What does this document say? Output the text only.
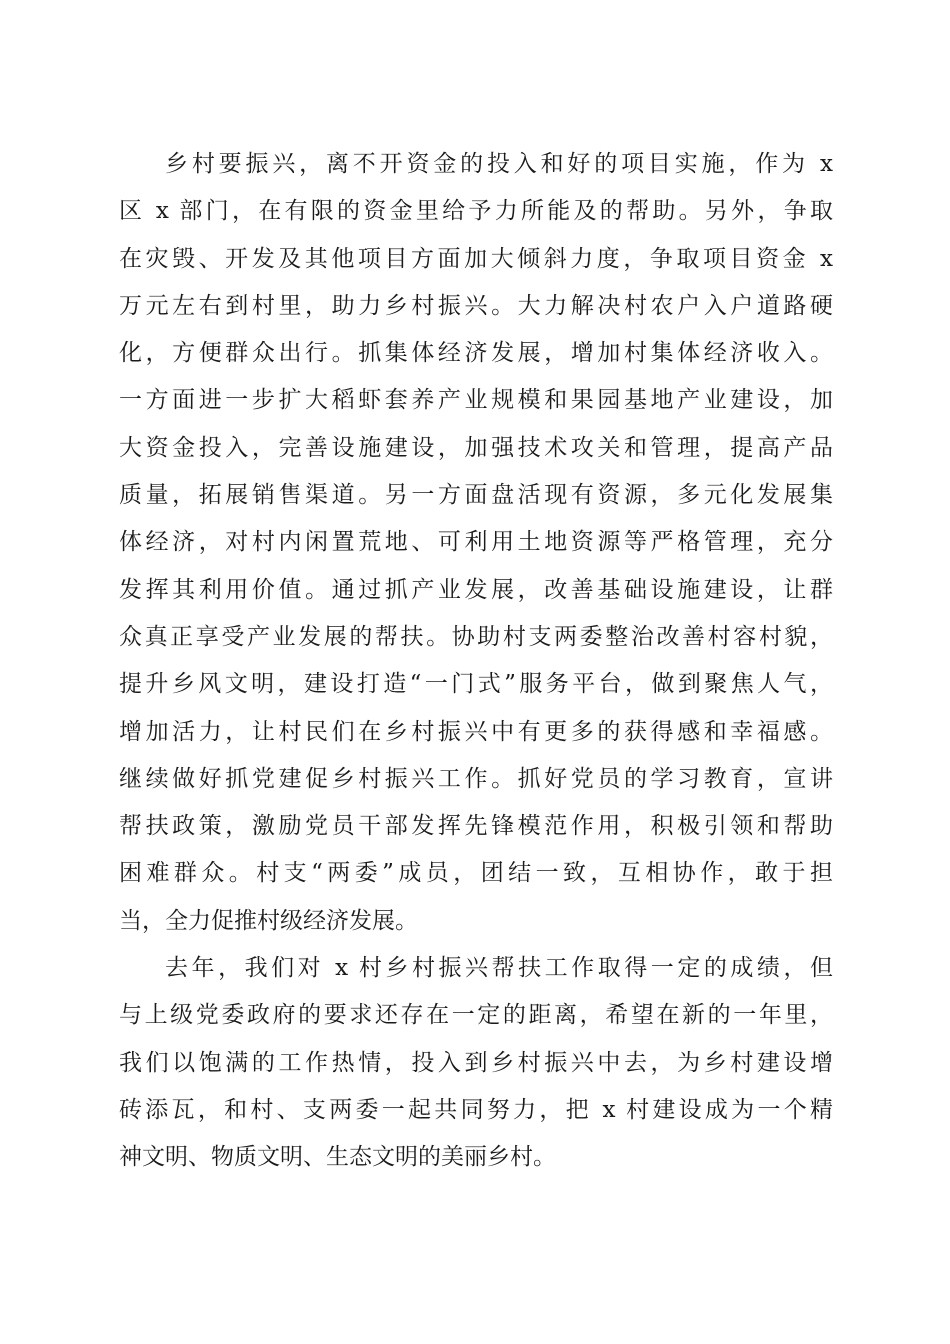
乡村要振兴，离不开资金的投入和好的项目实施，作为 x
区 x 部门，在有限的资金里给予力所能及的帮助。另外，争取
在灾毁、开发及其他项目方面加大倾斜力度，争取项目资金 x
万元左右到村里，助力乡村振兴。大力解决村农户入户道路硬
化，方便群众出行。抓集体经济发展，增加村集体经济收入。
一方面进一步扩大稻虾套养产业规模和果园基地产业建设，加
大资金投入，完善设施建设，加强技术攻关和管理，提高产品
质量，拓展销售渠道。另一方面盘活现有资源，多元化发展集
体经济，对村内闲置荒地、可利用土地资源等严格管理，充分
发挥其利用价值。通过抓产业发展，改善基础设施建设，让群
众真正享受产业发展的帮扶。协助村支两委整治改善村容村貌，
提升乡风文明，建设打造“一门式”服务平台，做到聚焦人气，
增加活力，让村民们在乡村振兴中有更多的获得感和幸福感。
继续做好抓党建促乡村振兴工作。抓好党员的学习教育，宣讲
帮扶政策，激励党员干部发挥先锋模范作用，积极引领和帮助
困难群众。村支“两委”成员，团结一致，互相协作，敢于担
当，全力促推村级经济发展。
去年，我们对 x 村乡村振兴帮扶工作取得一定的成绩，但
与上级党委政府的要求还存在一定的距离，希望在新的一年里，
我们以饱满的工作热情，投入到乡村振兴中去，为乡村建设增
砖添瓦，和村、支两委一起共同努力，把 x 村建设成为一个精
神文明、物质文明、生态文明的美丽乡村。
